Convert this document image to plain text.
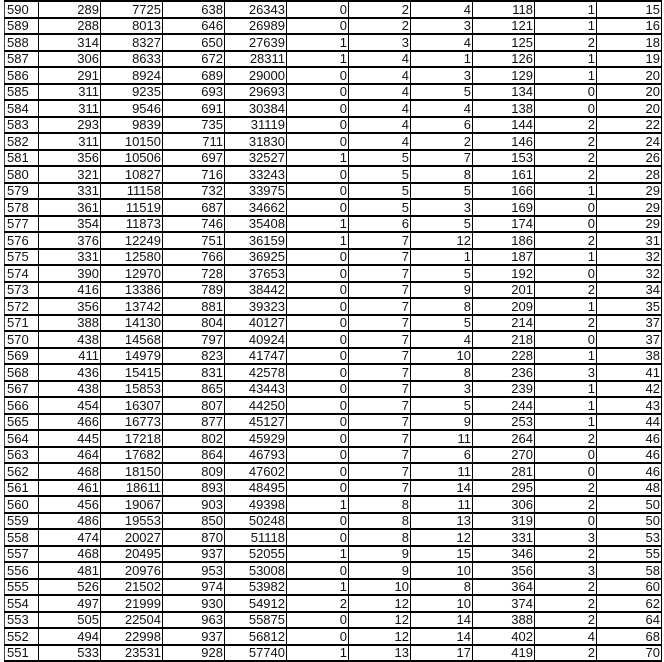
590	289	7725	638	26343	0	2	4	118	1	15
589	288	8013	646	26989	0	2	3	121	1	16
588	314	8327	650	27639	1	3	4	125	2	18
587	306	8633	672	28311	1	4	1	126	1	19
586	291	8924	689	29000	0	4	3	129	1	20
585	311	9235	693	29693	0	4	5	134	0	20
584	311	9546	691	30384	0	4	4	138	0	20
583	293	9839	735	31119	0	4	6	144	2	22
582	311	10150	711	31830	0	4	2	146	2	24
581	356	10506	697	32527	1	5	7	153	2	26
580	321	10827	716	33243	0	5	8	161	2	28
579	331	11158	732	33975	0	5	5	166	1	29
578	361	11519	687	34662	0	5	3	169	0	29
577	354	11873	746	35408	1	6	5	174	0	29
576	376	12249	751	36159	1	7	12	186	2	31
575	331	12580	766	36925	0	7	1	187	1	32
574	390	12970	728	37653	0	7	5	192	0	32
573	416	13386	789	38442	0	7	9	201	2	34
572	356	13742	881	39323	0	7	8	209	1	35
571	388	14130	804	40127	0	7	5	214	2	37
570	438	14568	797	40924	0	7	4	218	0	37
569	411	14979	823	41747	0	7	10	228	1	38
568	436	15415	831	42578	0	7	8	236	3	41
567	438	15853	865	43443	0	7	3	239	1	42
566	454	16307	807	44250	0	7	5	244	1	43
565	466	16773	877	45127	0	7	9	253	1	44
564	445	17218	802	45929	0	7	11	264	2	46
563	464	17682	864	46793	0	7	6	270	0	46
562	468	18150	809	47602	0	7	11	281	0	46
561	461	18611	893	48495	0	7	14	295	2	48
560	456	19067	903	49398	1	8	11	306	2	50
559	486	19553	850	50248	0	8	13	319	0	50
558	474	20027	870	51118	0	8	12	331	3	53
557	468	20495	937	52055	1	9	15	346	2	55
556	481	20976	953	53008	0	9	10	356	3	58
555	526	21502	974	53982	1	10	8	364	2	60
554	497	21999	930	54912	2	12	10	374	2	62
553	505	22504	963	55875	0	12	14	388	2	64
552	494	22998	937	56812	0	12	14	402	4	68
551	533	23531	928	57740	1	13	17	419	2	70
